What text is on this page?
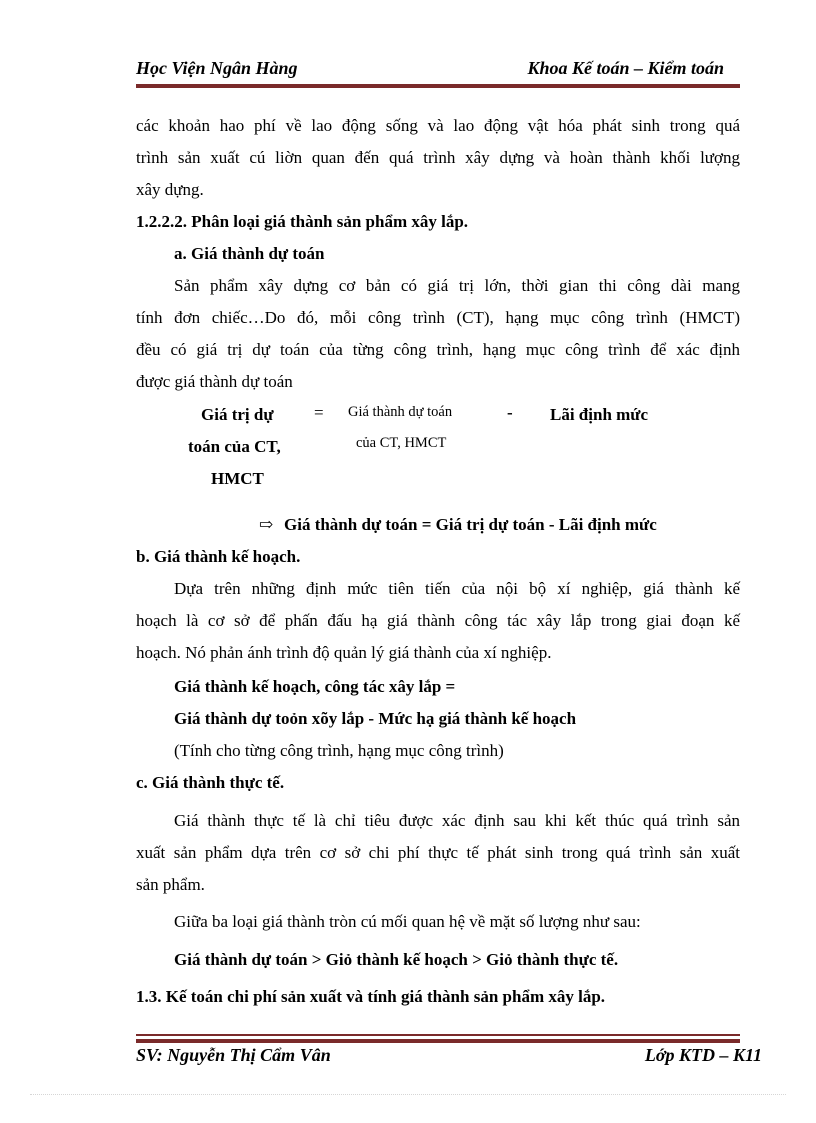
Học Viện Ngân Hàng	Khoa Kế toán – Kiểm toán
các khoản hao phí về lao động sống và lao động vật hóa phát sinh trong quá
trình sản xuất cú liờn quan đến quá trình xây dựng và hoàn thành khối lượng
xây dựng.
1.2.2.2. Phân loại giá thành sản phẩm xây lắp.
a. Giá thành dự toán
Sản phẩm xây dựng cơ bản có giá trị lớn, thời gian thi công dài mang
tính đơn chiếc…Do đó, mỗi công trình (CT), hạng mục công trình (HMCT)
đều có giá trị dự toán của từng công trình, hạng mục công trình để xác định
được giá thành dự toán
Giá trị dự
toán của CT,
HMCT
= Giá thành dự toán
của CT, HMCT
- Lãi định mức
⇨ Giá thành dự toán = Giá trị dự toán - Lãi định mức
b. Giá thành kế hoạch.
Dựa trên những định mức tiên tiến của nội bộ xí nghiệp, giá thành kế
hoạch là cơ sở để phấn đấu hạ giá thành công tác xây lắp trong giai đoạn kế
hoạch. Nó phản ánh trình độ quản lý giá thành của xí nghiệp.
Giá thành kế hoạch, công tác xây lắp =
Giá thành dự toỏn xõy lắp - Mức hạ giá thành kế hoạch
(Tính cho từng công trình, hạng mục công trình)
c. Giá thành thực tế.
Giá thành thực tế là chỉ tiêu được xác định sau khi kết thúc quá trình sản
xuất sản phẩm dựa trên cơ sở chi phí thực tế phát sinh trong quá trình sản xuất
sản phẩm.
Giữa ba loại giá thành tròn cú mối quan hệ về mặt số lượng như sau:
Giá thành dự toán > Giỏ thành kế hoạch > Giỏ thành thực tế.
1.3. Kế toán chi phí sản xuất và tính giá thành sản phẩm xây lắp.
SV: Nguyễn Thị Cẩm Vân	Lớp KTD – K11
